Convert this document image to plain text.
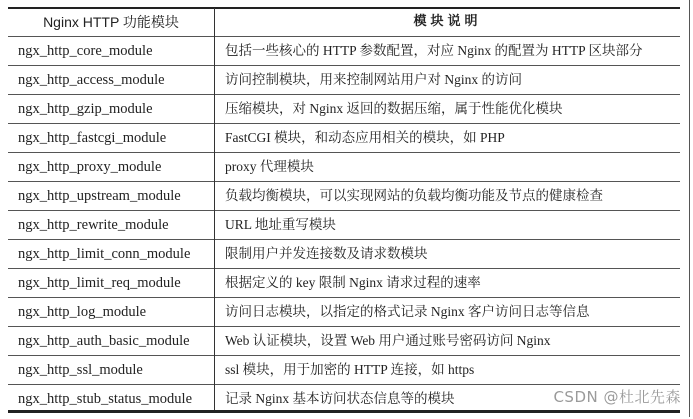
Nginx HTTP 功能模块	模块说明
ngx_http_core_module	包括一些核心的 HTTP 参数配置，对应 Nginx 的配置为 HTTP 区块部分
ngx_http_access_module	访问控制模块，用来控制网站用户对 Nginx 的访问
ngx_http_gzip_module	压缩模块，对 Nginx 返回的数据压缩，属于性能优化模块
ngx_http_fastcgi_module	FastCGI 模块，和动态应用相关的模块，如 PHP
ngx_http_proxy_module	proxy 代理模块
ngx_http_upstream_module	负载均衡模块，可以实现网站的负载均衡功能及节点的健康检查
ngx_http_rewrite_module	URL 地址重写模块
ngx_http_limit_conn_module	限制用户并发连接数及请求数模块
ngx_http_limit_req_module	根据定义的 key 限制 Nginx 请求过程的速率
ngx_http_log_module	访问日志模块，以指定的格式记录 Nginx 客户访问日志等信息
ngx_http_auth_basic_module	Web 认证模块，设置 Web 用户通过账号密码访问 Nginx
ngx_http_ssl_module	ssl 模块，用于加密的 HTTP 连接，如 https
ngx_http_stub_status_module	记录 Nginx 基本访问状态信息等的模块	CSDN @杜北先森
